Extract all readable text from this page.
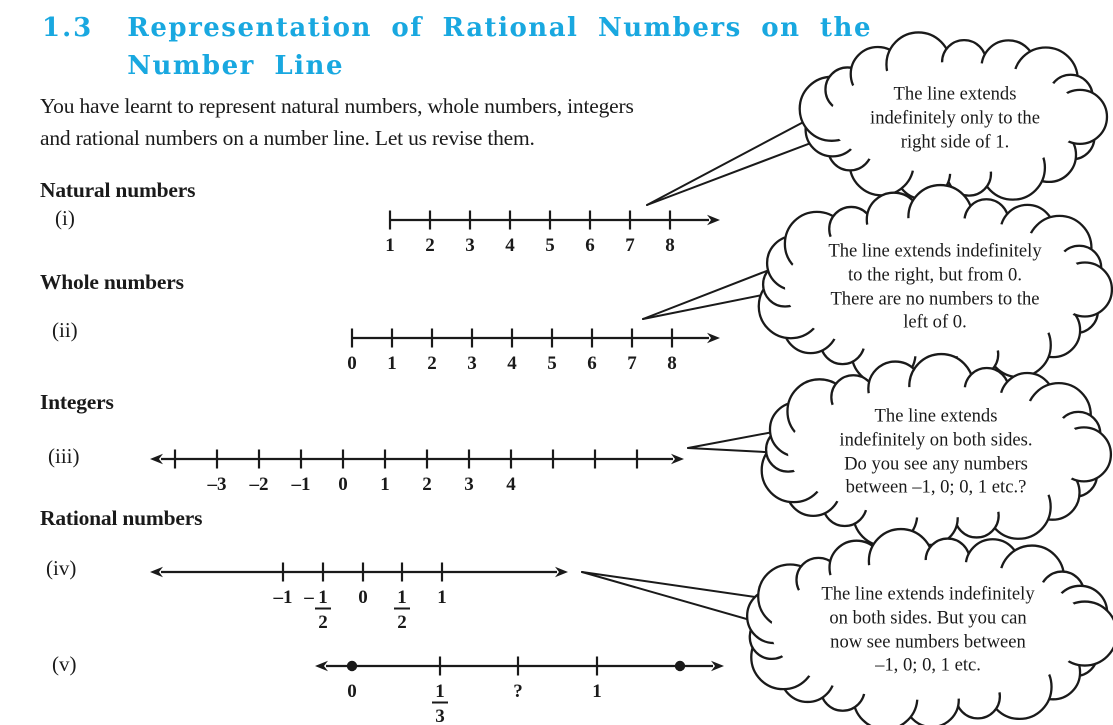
1.3 Representation of Rational Numbers on the
Number Line
You have learnt to represent natural numbers, whole numbers, integers
and rational numbers on a number line. Let us revise them.
Natural numbers
Whole numbers
Integers
Rational numbers
1 2 3 4 5 6 7 8
0 1 2 3 4 5 6 7 8
–3 –2 –1 0 1 2 3 4
–1 – 1
2
0 1
2
1
0	1
3
?	1
(i)
(ii)
(iii)
(iv)
(v)
The line extends
indefinitely only to the
right side of 1.
The line extends indefinitely
to the right, but from 0.
There are no numbers to the
left of 0.
The line extends
indefinitely on both sides.
Do you see any numbers
between –1, 0; 0, 1 etc.?
The line extends indefinitely
on both sides. But you can
now see numbers between
–1, 0; 0, 1 etc.
